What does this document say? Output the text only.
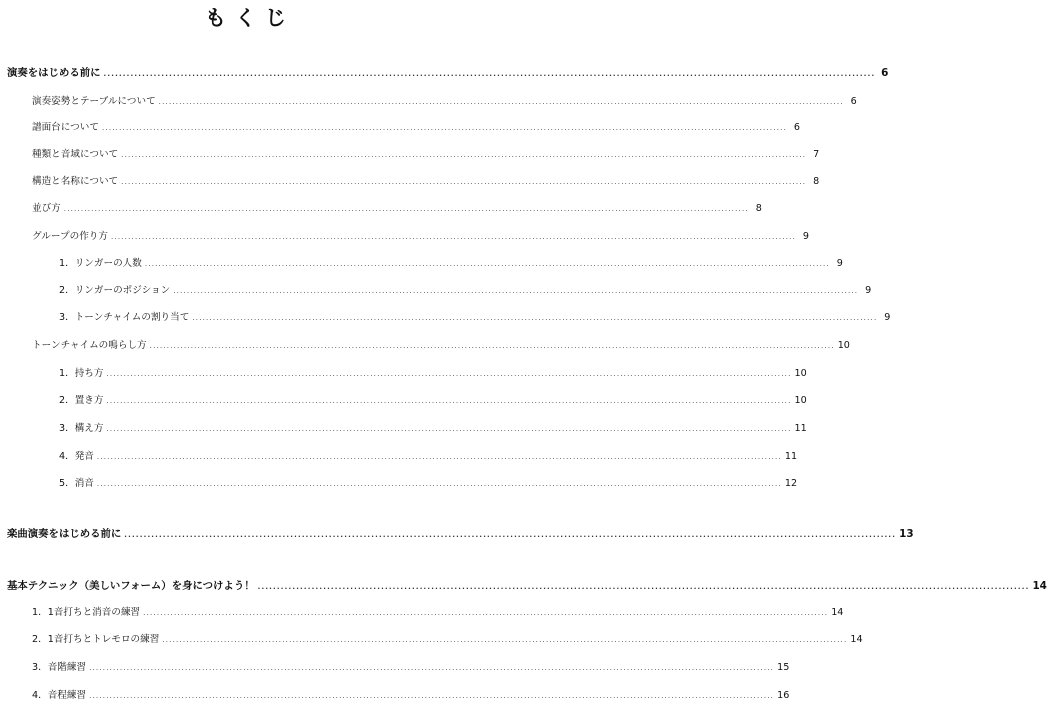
もくじ
演奏をはじめる前に ........................................................................................................................................................................................................ 6
演奏姿勢とテーブルについて ........................................................................................................................................................................................................ 6
譜面台について ........................................................................................................................................................................................................ 6
種類と音域について ........................................................................................................................................................................................................ 7
構造と名称について ........................................................................................................................................................................................................ 8
並び方 ........................................................................................................................................................................................................ 8
グループの作り方 ........................................................................................................................................................................................................ 9
1．リンガーの人数 ........................................................................................................................................................................................................ 9
2．リンガーのポジション ........................................................................................................................................................................................................ 9
3．トーンチャイムの割り当て ........................................................................................................................................................................................................ 9
トーンチャイムの鳴らし方 ........................................................................................................................................................................................................ 10
1．持ち方 ........................................................................................................................................................................................................ 10
2．置き方 ........................................................................................................................................................................................................ 10
3．構え方 ........................................................................................................................................................................................................ 11
4．発音 ........................................................................................................................................................................................................ 11
5．消音 ........................................................................................................................................................................................................ 12
楽曲演奏をはじめる前に ........................................................................................................................................................................................................ 13
基本テクニック（美しいフォーム）を身につけよう！ ........................................................................................................................................................................................................ 14
1．1音打ちと消音の練習 ........................................................................................................................................................................................................ 14
2．1音打ちとトレモロの練習 ........................................................................................................................................................................................................ 14
3．音階練習 ........................................................................................................................................................................................................ 15
4．音程練習 ........................................................................................................................................................................................................ 16
